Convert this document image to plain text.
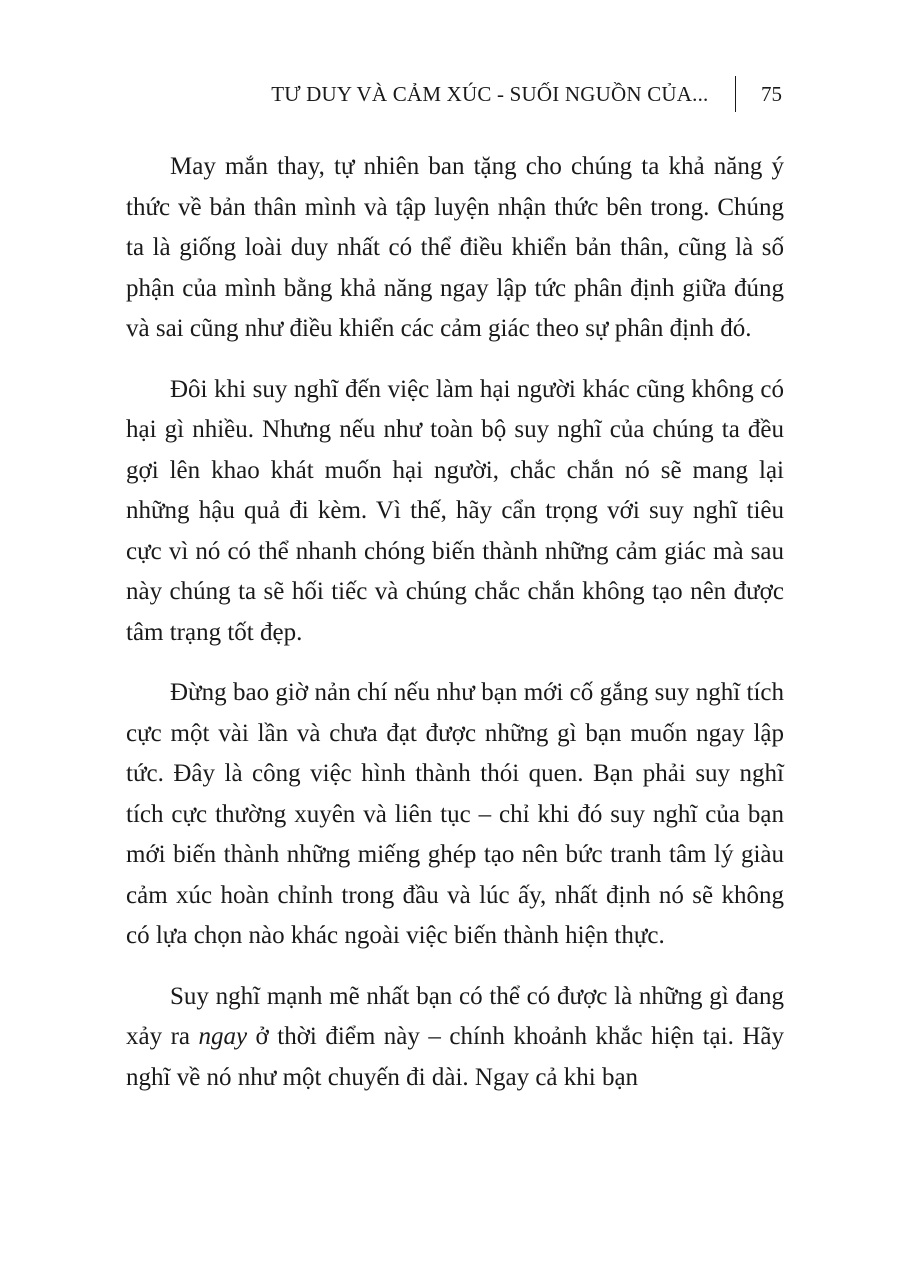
TƯ DUY VÀ CẢM XÚC - SUỐI NGUỒN CỦA...	75

May mắn thay, tự nhiên ban tặng cho chúng ta khả năng ý thức về bản thân mình và tập luyện nhận thức bên trong. Chúng ta là giống loài duy nhất có thể điều khiển bản thân, cũng là số phận của mình bằng khả năng ngay lập tức phân định giữa đúng và sai cũng như điều khiển các cảm giác theo sự phân định đó.

Đôi khi suy nghĩ đến việc làm hại người khác cũng không có hại gì nhiều. Nhưng nếu như toàn bộ suy nghĩ của chúng ta đều gợi lên khao khát muốn hại người, chắc chắn nó sẽ mang lại những hậu quả đi kèm. Vì thế, hãy cẩn trọng với suy nghĩ tiêu cực vì nó có thể nhanh chóng biến thành những cảm giác mà sau này chúng ta sẽ hối tiếc và chúng chắc chắn không tạo nên được tâm trạng tốt đẹp.

Đừng bao giờ nản chí nếu như bạn mới cố gắng suy nghĩ tích cực một vài lần và chưa đạt được những gì bạn muốn ngay lập tức. Đây là công việc hình thành thói quen. Bạn phải suy nghĩ tích cực thường xuyên và liên tục – chỉ khi đó suy nghĩ của bạn mới biến thành những miếng ghép tạo nên bức tranh tâm lý giàu cảm xúc hoàn chỉnh trong đầu và lúc ấy, nhất định nó sẽ không có lựa chọn nào khác ngoài việc biến thành hiện thực.

Suy nghĩ mạnh mẽ nhất bạn có thể có được là những gì đang xảy ra ngay ở thời điểm này – chính khoảnh khắc hiện tại. Hãy nghĩ về nó như một chuyến đi dài. Ngay cả khi bạn
